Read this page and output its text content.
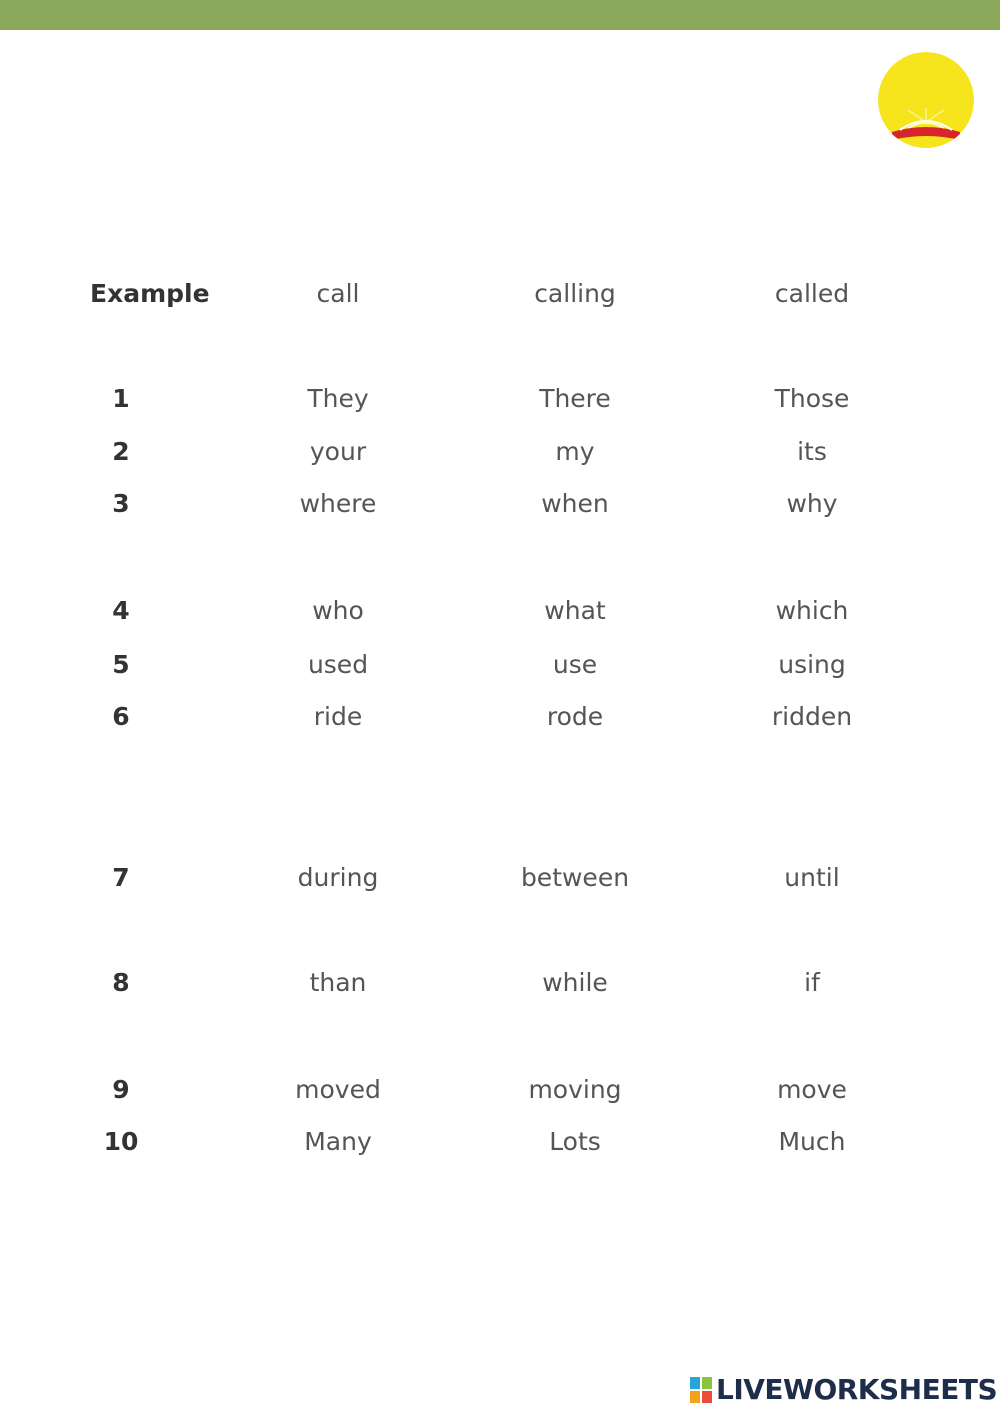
Example	call	calling	called
1	They	There	Those
2	your	my	its
3	where	when	why
4	who	what	which
5	used	use	using
6	ride	rode	ridden
7	during	between	until
8	than	while	if
9	moved	moving	move
10	Many	Lots	Much
LIVEWORKSHEETS
